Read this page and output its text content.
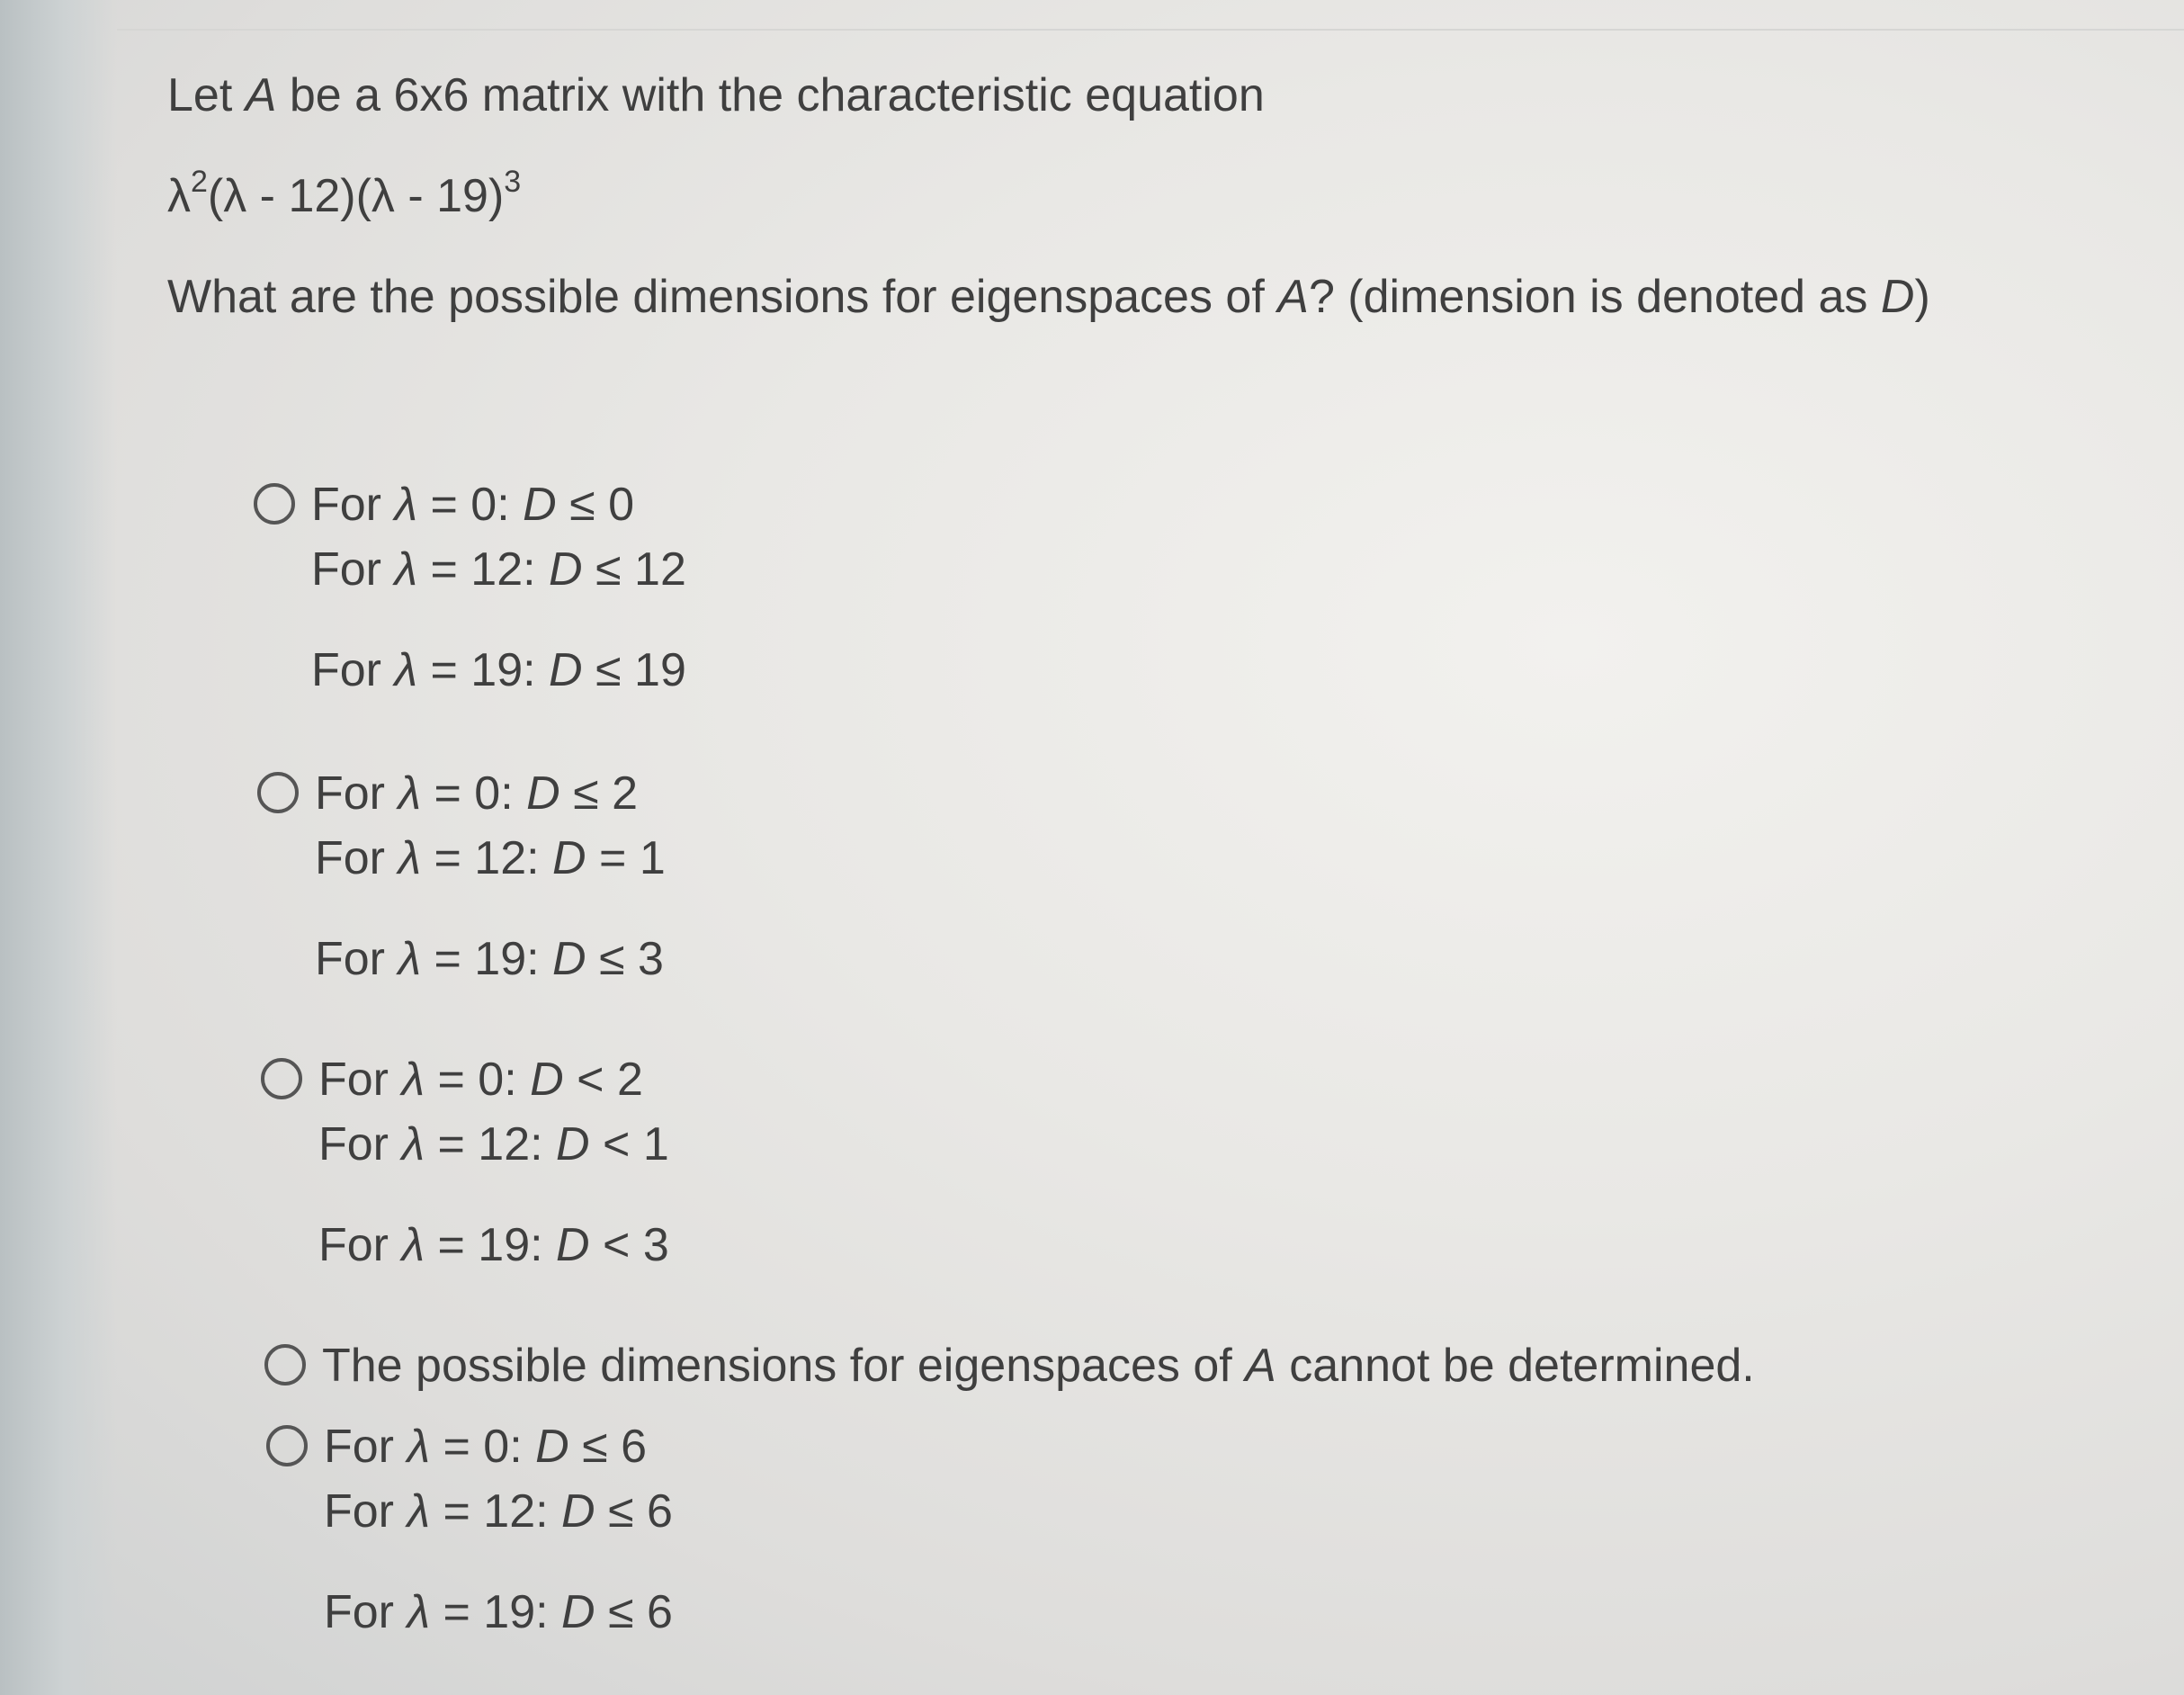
Let A be a 6x6 matrix with the characteristic equation
$\lambda^2(\lambda - 12)(\lambda - 19)^3$
What are the possible dimensions for eigenspaces of A? (dimension is denoted as D)
For λ = 0: D ≤ 0
For λ = 12: D ≤ 12
For λ = 19: D ≤ 19
For λ = 0: D ≤ 2
For λ = 12: D = 1
For λ = 19: D ≤ 3
For λ = 0: D < 2
For λ = 12: D < 1
For λ = 19: D < 3
The possible dimensions for eigenspaces of A cannot be determined.
For λ = 0: D ≤ 6
For λ = 12: D ≤ 6
For λ = 19: D ≤ 6
